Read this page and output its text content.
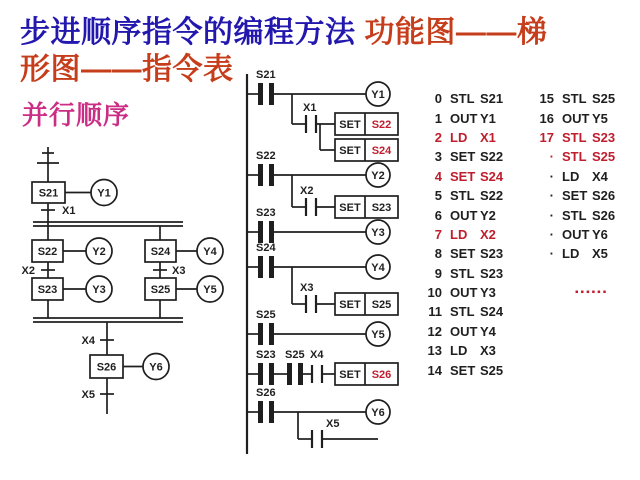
步进顺序指令的编程方法 功能图——梯
形图——指令表
并行顺序
S21	Y1
X1
S22	Y2	S24	Y4
X2	X3
S23	Y3	S25	Y5
X4
S26	Y6
X5
S21
Y1
X1
SET S22
SET S24
S22
Y2
X2
SET S23
S23
Y3
S24
Y4
X3
SET S25
S25
Y5
S23 S25 X4
SET S26
S26
Y6
X5
0 STL S21
1 OUT Y1
2 LD X1
3 SET S22
4 SET S24
5 STL S22
6 OUT Y2
7 LD X2
8 SET S23
9 STL S23
10 OUT Y3
11 STL S24
12 OUT Y4
13 LD X3
14 SET S25
15 STL S25
16 OUT Y5
17 STL S23
· STL S25
· LD X4
· SET S26
· STL S26
· OUT Y6
· LD X5
▪▪▪▪▪▪
